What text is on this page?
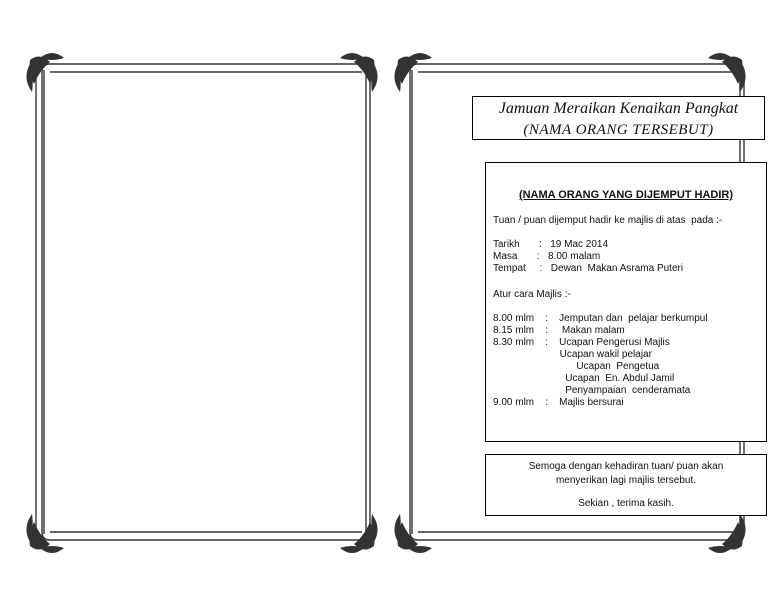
Jamuan Meraikan Kenaikan Pangkat
(NAMA ORANG TERSEBUT)
(NAMA ORANG YANG DIJEMPUT HADIR)
Tuan / puan dijemput hadir ke majlis di atas  pada :-
Tarikh       :   19 Mac 2014
Masa       :   8.00 malam
Tempat     :   Dewan  Makan Asrama Puteri
Atur cara Majlis :-
8.00 mlm    :    Jemputan dan  pelajar berkumpul
8.15 mlm    :     Makan malam
8.30 mlm    :    Ucapan Pengerusi Majlis
Ucapan wakil pelajar
Ucapan  Pengetua
Ucapan  En. Abdul Jamil
Penyampaian  cenderamata
9.00 mlm    :    Majlis bersurai
Semoga dengan kehadiran tuan/ puan akan
menyerikan lagi majlis tersebut.
Sekian , terima kasih.
